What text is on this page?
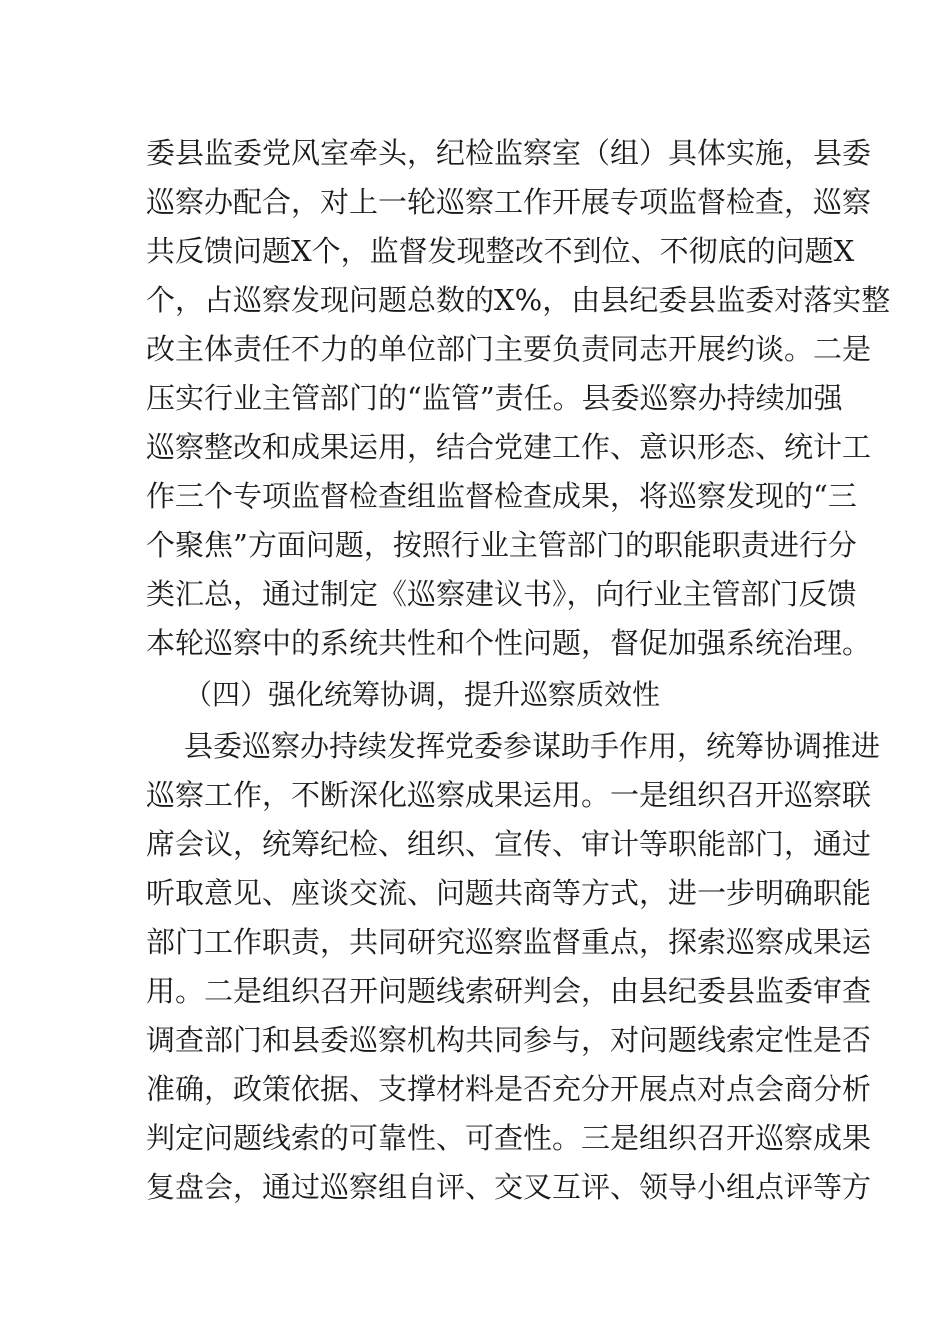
委县监委党风室牵头，纪检监察室（组）具体实施，县委
巡察办配合，对上一轮巡察工作开展专项监督检查，巡察
共反馈问题X个，监督发现整改不到位、不彻底的问题X
个，占巡察发现问题总数的X%，由县纪委县监委对落实整
改主体责任不力的单位部门主要负责同志开展约谈。二是
压实行业主管部门的“监管”责任。县委巡察办持续加强
巡察整改和成果运用，结合党建工作、意识形态、统计工
作三个专项监督检查组监督检查成果，将巡察发现的“三
个聚焦”方面问题，按照行业主管部门的职能职责进行分
类汇总，通过制定《巡察建议书》，向行业主管部门反馈
本轮巡察中的系统共性和个性问题，督促加强系统治理。
（四）强化统筹协调，提升巡察质效性
县委巡察办持续发挥党委参谋助手作用，统筹协调推进
巡察工作，不断深化巡察成果运用。一是组织召开巡察联
席会议，统筹纪检、组织、宣传、审计等职能部门，通过
听取意见、座谈交流、问题共商等方式，进一步明确职能
部门工作职责，共同研究巡察监督重点，探索巡察成果运
用。二是组织召开问题线索研判会，由县纪委县监委审查
调查部门和县委巡察机构共同参与，对问题线索定性是否
准确，政策依据、支撑材料是否充分开展点对点会商分析
判定问题线索的可靠性、可查性。三是组织召开巡察成果
复盘会，通过巡察组自评、交叉互评、领导小组点评等方
